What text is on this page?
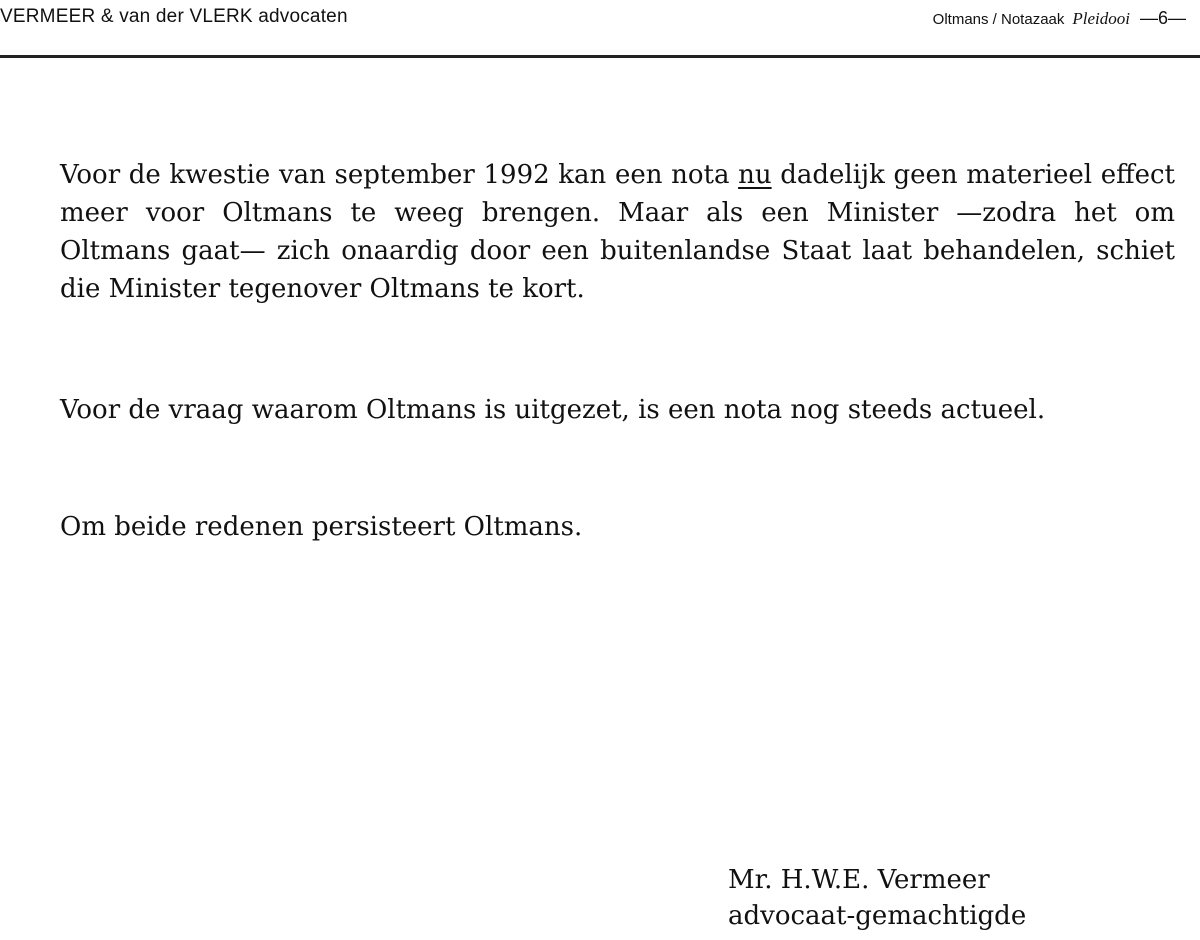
VERMEER & van der VLERK advocaten	Oltmans / Notazaak Pleidooi —6—

Voor de kwestie van september 1992 kan een nota nu dadelijk geen materieel effect meer voor Oltmans te weeg brengen. Maar als een Minister —zodra het om Oltmans gaat— zich onaardig door een buitenlandse Staat laat behandelen, schiet die Minister tegenover Oltmans te kort.

Voor de vraag waarom Oltmans is uitgezet, is een nota nog steeds actueel.

Om beide redenen persisteert Oltmans.

Mr. H.W.E. Vermeer
advocaat-gemachtigde
